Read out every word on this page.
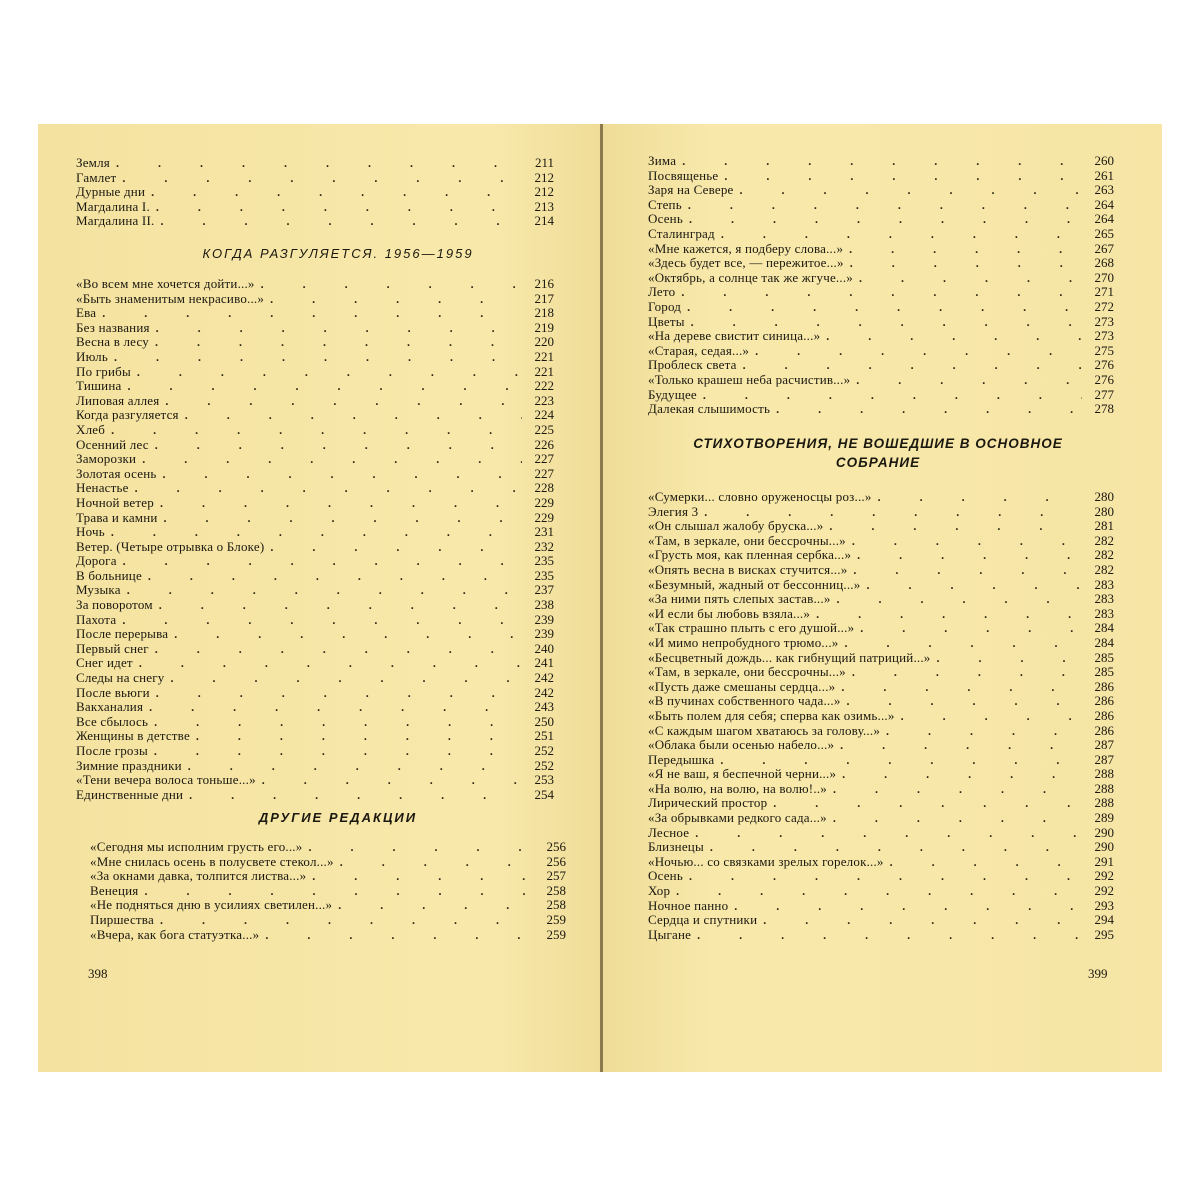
Земля . . .	211
Гамлет . . .	212
Дурные дни . . .	212
Магдалина I. . . .	213
Магдалина II. . . .	214
КОГДА РАЗГУЛЯЕТСЯ. 1956—1959
«Во всем мне хочется дойти...» . . .	216
«Быть знаменитым некрасиво...» . . .	217
Ева . . .	218
Без названия . . .	219
Весна в лесу . . .	220
Июль . . .	221
По грибы . . .	221
Тишина . . .	222
Липовая аллея . . .	223
Когда разгуляется . . .	224
Хлеб . . .	225
Осенний лес . . .	226
Заморозки . . .	227
Золотая осень . . .	227
Ненастье . . .	228
Ночной ветер . . .	229
Трава и камни . . .	229
Ночь . . .	231
Ветер. (Четыре отрывка о Блоке) . . .	232
Дорога . . .	235
В больнице . . .	235
Музыка . . .	237
За поворотом . . .	238
Пахота . . .	239
После перерыва . . .	239
Первый снег . . .	240
Снег идет . . .	241
Следы на снегу . . .	242
После вьюги . . .	242
Вакханалия . . .	243
Все сбылось . . .	250
Женщины в детстве . . .	251
После грозы . . .	252
Зимние праздники . . .	252
«Тени вечера волоса тоньше...» . . .	253
Единственные дни . . .	254
ДРУГИЕ РЕДАКЦИИ
«Сегодня мы исполним грусть его...» . . .	256
«Мне снилась осень в полусвете стекол...» . . .	256
«За окнами давка, толпится листва...» . . .	257
Венеция . . .	258
«Не подняться дню в усилиях светилен...» . . .	258
Пиршества . . .	259
«Вчера, как бога статуэтка...» . . .	259
398
Зима . . .	260
Посвященье . . .	261
Заря на Севере . . .	263
Степь . . .	264
Осень . . .	264
Сталинград . . .	265
«Мне кажется, я подберу слова...» . . .	267
«Здесь будет все, — пережитое...» . . .	268
«Октябрь, а солнце так же жгуче...» . . .	270
Лето . . .	271
Город . . .	272
Цветы . . .	273
«На дереве свистит синица...» . . .	273
«Старая, седая...» . . .	275
Проблеск света . . .	276
«Только крашеш неба расчистив...» . . .	276
Будущее . . .	277
Далекая слышимость . . .	278
СТИХОТВОРЕНИЯ, НЕ ВОШЕДШИЕ В ОСНОВНОЕ СОБРАНИЕ
«Сумерки... словно оруженосцы роз...» . . .	280
Элегия 3 . . .	280
«Он слышал жалобу бруска...» . . .	281
«Там, в зеркале, они бессрочны...» . . .	282
«Грусть моя, как пленная сербка...» . . .	282
«Опять весна в висках стучится...» . . .	282
«Безумный, жадный от бессонниц...» . . .	283
«За ними пять слепых застав...» . . .	283
«И если бы любовь взяла...» . . .	283
«Так страшно плыть с его душой...» . . .	284
«И мимо непробудного трюмо...» . . .	284
«Бесцветный дождь... как гибнущий патриций...» . . .	285
«Там, в зеркале, они бессрочны...» . . .	285
«Пусть даже смешаны сердца...» . . .	286
«В пучинах собственного чада...» . . .	286
«Быть полем для себя; сперва как озимь...» . . .	286
«С каждым шагом хватаюсь за голову...» . . .	286
«Облака были осенью набело...» . . .	287
Передышка . . .	287
«Я не ваш, я беспечной черни...» . . .	288
«На волю, на волю, на волю!..» . . .	288
Лирический простор . . .	288
«За обрывками редкого сада...» . . .	289
Лесное . . .	290
Близнецы . . .	290
«Ночью... со связками зрелых горелок...» . . .	291
Осень . . .	292
Хор . . .	292
Ночное панно . . .	293
Сердца и спутники . . .	294
Цыгане . . .	295
399
